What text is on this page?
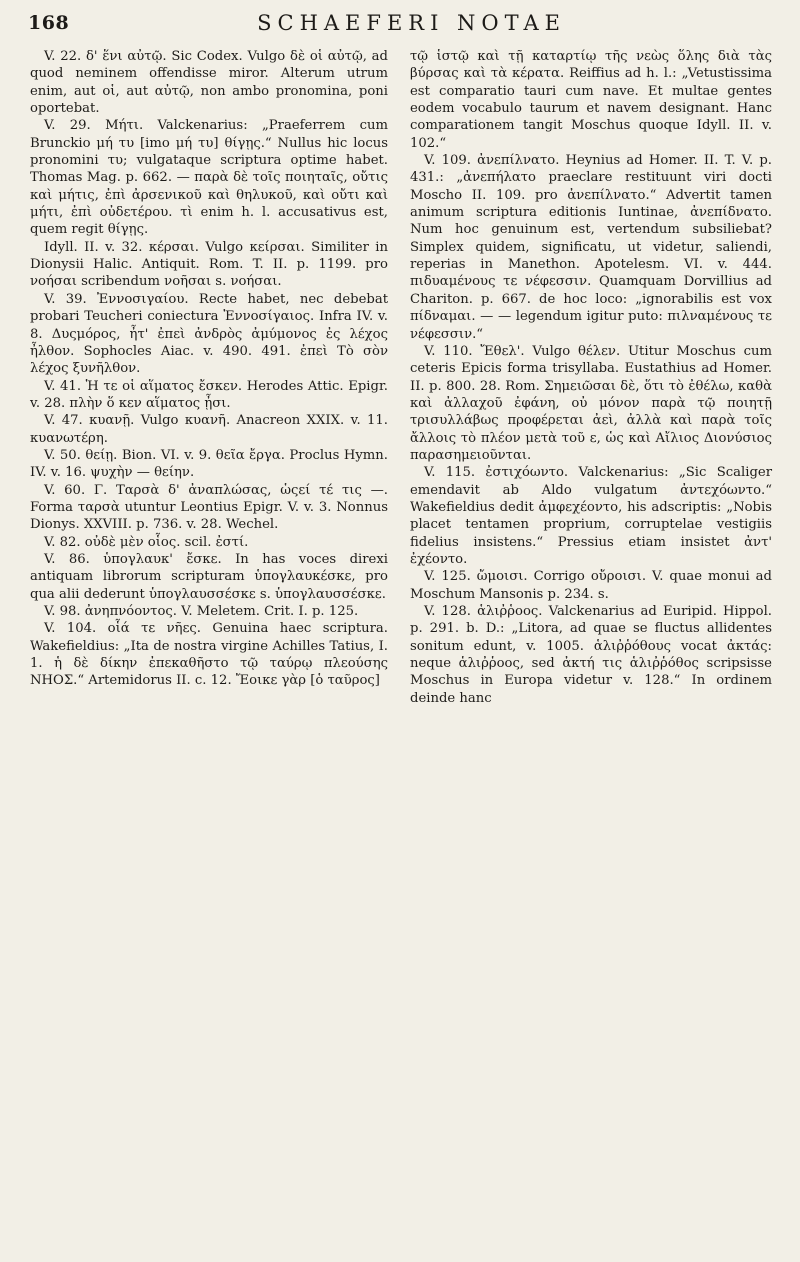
168	SCHAEFERI NOTAE

V. 22. δ' ἕνι αὐτῷ. Sic Codex. Vulgo δὲ οἱ αὐτῷ, ad quod neminem offendisse miror. Alterum utrum enim, aut οἱ, aut αὐτῷ, non ambo pronomina, poni oportebat.

V. 29. Μήτι. Valckenarius: „Praeferrem cum Brunckio μή τυ [imo μή τυ] θίγῃς.“ Nullus hic locus pronomini τυ; vulgataque scriptura optime habet. Thomas Mag. p. 662. — παρὰ δὲ τοῖς ποιηταῖς, οὔτις καὶ μήτις, ἐπὶ ἀρσενικοῦ καὶ θηλυκοῦ, καὶ οὔτι καὶ μήτι, ἐπὶ οὐδετέρου. τὶ enim h. l. accusativus est, quem regit θίγῃς.

Idyll. II. v. 32. κέρσαι. Vulgo κείρσαι. Similiter in Dionysii Halic. Antiquit. Rom. T. II. p. 1199. pro νοήσαι scribendum νοῆσαι s. νοήσαι.

V. 39. Ἐννοσιγαίου. Recte habet, nec debebat probari Teucheri coniectura Ἐννοσίγαιος. Infra IV. v. 8. Δυςμόρος, ἦτ' ἐπεὶ ἀνδρὸς ἀμύμονος ἐς λέχος ἦλθον. Sophocles Aiac. v. 490. 491. ἐπεὶ Τὸ σὸν λέχος ξυνῆλθον.

V. 41. Ἡ τε οἱ αἵματος ἔσκεν. Herodes Attic. Epigr. v. 28. πλὴν ὅ κεν αἵματος ᾖσι.

V. 47. κυανῇ. Vulgo κυανῆ. Anacreon XXIX. v. 11. κυανωτέρη.

V. 50. θείῃ. Bion. VI. v. 9. θεῖα ἔργα. Proclus Hymn. IV. v. 16. ψυχὴν — θείην.

V. 60. Γ. Ταρσὰ δ' ἀναπλώσας, ὡςεί τέ τις —. Forma ταρσὰ utuntur Leontius Epigr. V. v. 3. Nonnus Dionys. XXVIII. p. 736. v. 28. Wechel.

V. 82. οὐδὲ μὲν οἷος. scil. ἐστί.

V. 86. ὑπογλαυκ' ἔσκε. In has voces direxi antiquam librorum scripturam ὑπογλαυκέσκε, pro qua alii dederunt ὑπογλαυσσέσκε s. ὑπογλαυσσέσκε.

V. 98. ἀνηπνόοντος. V. Meletem. Crit. I. p. 125.

V. 104. οἷά τε νῆες. Genuina haec scriptura. Wakefieldius: „Ita de nostra virgine Achilles Tatius, I. 1. ἡ δὲ δίκην ἐπεκαθῆστο τῷ ταύρῳ πλεούσης ΝΗΟΣ.“ Artemidorus II. c. 12. Ἔοικε γὰρ [ὁ ταῦρος]

τῷ ἱστῷ καὶ τῇ καταρτίῳ τῆς νεὼς ὅλης διὰ τὰς βύρσας καὶ τὰ κέρατα. Reiffius ad h. l.: „Vetustissima est comparatio tauri cum nave. Et multae gentes eodem vocabulo taurum et navem designant. Hanc comparationem tangit Moschus quoque Idyll. II. v. 102.“

V. 109. ἀνεπίλνατο. Heynius ad Homer. II. T. V. p. 431.: „ἀνεπήλατο praeclare restituunt viri docti Moscho II. 109. pro ἀνεπίλνατο.“ Advertit tamen animum scriptura editionis Iuntinae, ἀνεπίδνατο. Num hoc genuinum est, vertendum subsiliebat? Simplex quidem, significatu, ut videtur, saliendi, reperias in Manethon. Apotelesm. VI. v. 444. πιδυαμένους τε νέφεσσιν. Quamquam Dorvillius ad Chariton. p. 667. de hoc loco: „ignorabilis est vox πίδναμαι. — — legendum igitur puto: πιλναμένους τε νέφεσσιν.“

V. 110. Ἔθελ'. Vulgo θέλεν. Utitur Moschus cum ceteris Epicis forma trisyllaba. Eustathius ad Homer. II. p. 800. 28. Rom. Σημειῶσαι δὲ, ὅτι τὸ ἐθέλω, καθὰ καὶ ἀλλαχοῦ ἐφάνη, οὐ μόνον παρὰ τῷ ποιητῇ τρισυλλάβως προφέρεται ἀεὶ, ἀλλὰ καὶ παρὰ τοῖς ἄλλοις τὸ πλέον μετὰ τοῦ ε, ὡς καὶ Αἴλιος Διονύσιος παρασημειοῦνται.

V. 115. ἐστιχόωντο. Valckenarius: „Sic Scaliger emendavit ab Aldo vulgatum ἀντεχόωντο.“ Wakefieldius dedit ἀμφεχέοντο, his adscriptis: „Nobis placet tentamen proprium, corruptelae vestigiis fidelius insistens.“ Pressius etiam insistet ἀντ' ἐχέοντο.

V. 125. ὤμοισι. Corrigo οὔροισι. V. quae monui ad Moschum Mansonis p. 234. s.

V. 128. ἁλιῤῥοος. Valckenarius ad Euripid. Hippol. p. 291. b. D.: „Litora, ad quae se fluctus allidentes sonitum edunt, v. 1005. ἁλιῤῥόθους vocat ἀκτάς: neque ἁλιῤῥοος, sed ἀκτή τις ἁλιῤῥόθος scripsisse Moschus in Europa videtur v. 128.“ In ordinem deinde hanc
